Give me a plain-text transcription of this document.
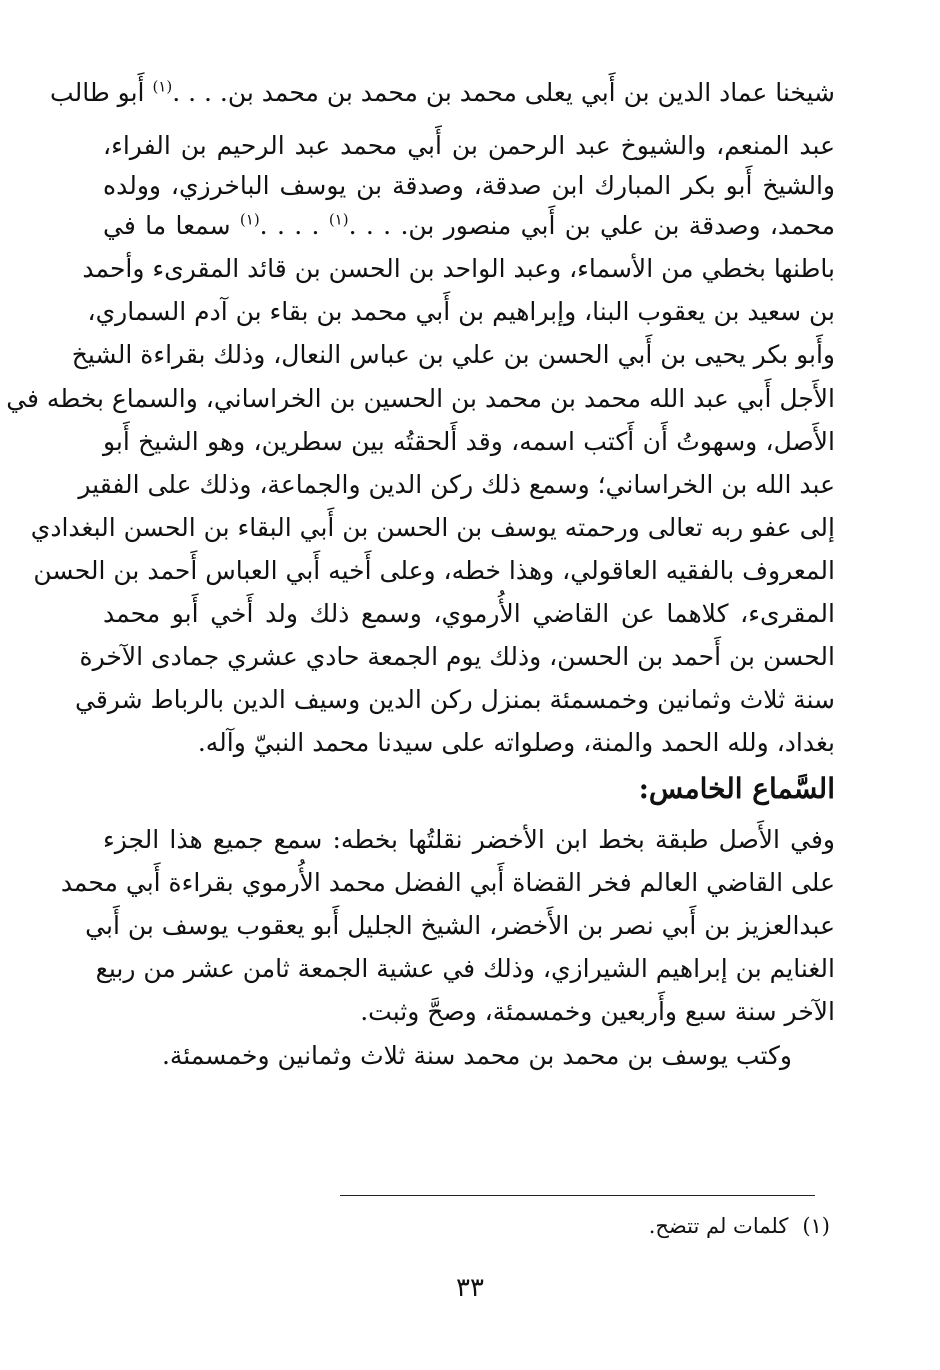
شيخنا عماد الدين بن أَبي يعلى محمد بن محمد بن محمد بن. . . .$^{(١)}$ أَبو طالب
عبد المنعم، والشيوخ عبد الرحمن بن أَبي محمد عبد الرحيم بن الفراء،
والشيخ أَبو بكر المبارك ابن صدقة، وصدقة بن يوسف الباخرزي، وولده
محمد، وصدقة بن علي بن أَبي منصور بن. . . .$^{(١)}$ . . . .$^{(١)}$ سمعا ما في
باطنها بخطي من الأسماء، وعبد الواحد بن الحسن بن قائد المقرىء وأحمد
بن سعيد بن يعقوب البنا، وإبراهيم بن أَبي محمد بن بقاء بن آدم السماري،
وأَبو بكر يحيى بن أَبي الحسن بن علي بن عباس النعال، وذلك بقراءة الشيخ
الأَجل أَبي عبد الله محمد بن محمد بن الحسين بن الخراساني، والسماع بخطه في
الأَصل، وسهوتُ أَن أَكتب اسمه، وقد أَلحقتُه بين سطرين، وهو الشيخ أَبو
عبد الله بن الخراساني؛ وسمع ذلك ركن الدين والجماعة، وذلك على الفقير
إلى عفو ربه تعالى ورحمته يوسف بن الحسن بن أَبي البقاء بن الحسن البغدادي
المعروف بالفقيه العاقولي، وهذا خطه، وعلى أَخيه أَبي العباس أَحمد بن الحسن
المقرىء، كلاهما عن القاضي الأُرموي، وسمع ذلك ولد أَخي أَبو محمد
الحسن بن أَحمد بن الحسن، وذلك يوم الجمعة حادي عشري جمادى الآخرة
سنة ثلاث وثمانين وخمسمئة بمنزل ركن الدين وسيف الدين بالرباط شرقي
بغداد، ولله الحمد والمنة، وصلواته على سيدنا محمد النبيّ وآله.
السَّماع الخامس:
وفي الأَصل طبقة بخط ابن الأخضر نقلتُها بخطه: سمع جميع هذا الجزء
على القاضي العالم فخر القضاة أَبي الفضل محمد الأُرموي بقراءة أَبي محمد
عبدالعزيز بن أَبي نصر بن الأَخضر، الشيخ الجليل أَبو يعقوب يوسف بن أَبي
الغنايم بن إبراهيم الشيرازي، وذلك في عشية الجمعة ثامن عشر من ربيع
الآخر سنة سبع وأَربعين وخمسمئة، وصحَّ وثبت.
وكتب يوسف بن محمد بن محمد سنة ثلاث وثمانين وخمسمئة.
(١)كلمات لم تتضح.
٣٣
